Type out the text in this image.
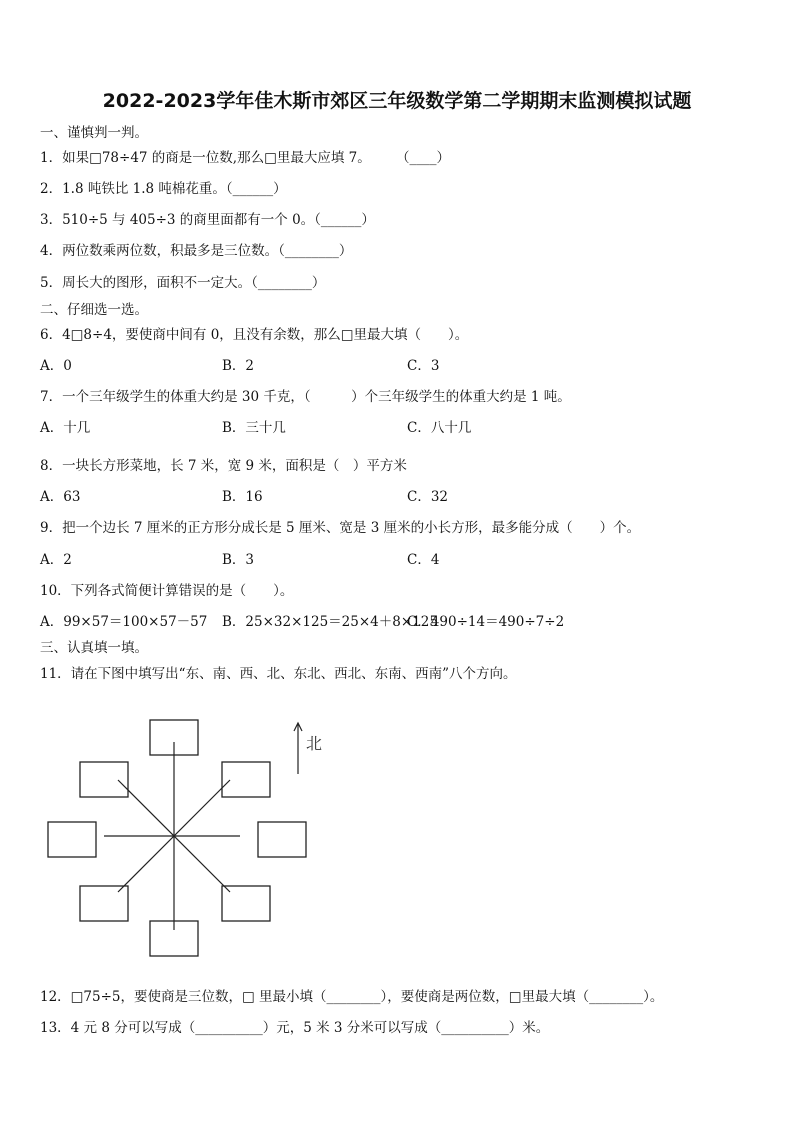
2022-2023学年佳木斯市郊区三年级数学第二学期期末监测模拟试题
一、谨慎判一判。
1．如果□78÷47 的商是一位数,那么□里最大应填 7。 （____）
2．1.8 吨铁比 1.8 吨棉花重。（______）
3．510÷5 与 405÷3 的商里面都有一个 0。（______）
4．两位数乘两位数，积最多是三位数。（________）
5．周长大的图形，面积不一定大。（________）
二、仔细选一选。
6．4□8÷4，要使商中间有 0，且没有余数，那么□里最大填（　　）。
A．0	B．2	C．3
7．一个三年级学生的体重大约是 30 千克，（　　　）个三年级学生的体重大约是 1 吨。
A．十几	B．三十几	C．八十几
8．一块长方形菜地，长 7 米，宽 9 米，面积是（　）平方米
A．63	B．16	C．32
9．把一个边长 7 厘米的正方形分成长是 5 厘米、宽是 3 厘米的小长方形，最多能分成（　　）个。
A．2	B．3	C．4
10．下列各式简便计算错误的是（　　）。
A．99×57＝100×57－57 B．25×32×125＝25×4＋8×125
C．490÷14＝490÷7÷2
三、认真填一填。
11．请在下图中填写出“东、南、西、北、东北、西北、东南、西南”八个方向。
北
12．□75÷5，要使商是三位数，□ 里最小填（________），要使商是两位数，□里最大填（________）。
13．4 元 8 分可以写成（__________）元，5 米 3 分米可以写成（__________）米。
